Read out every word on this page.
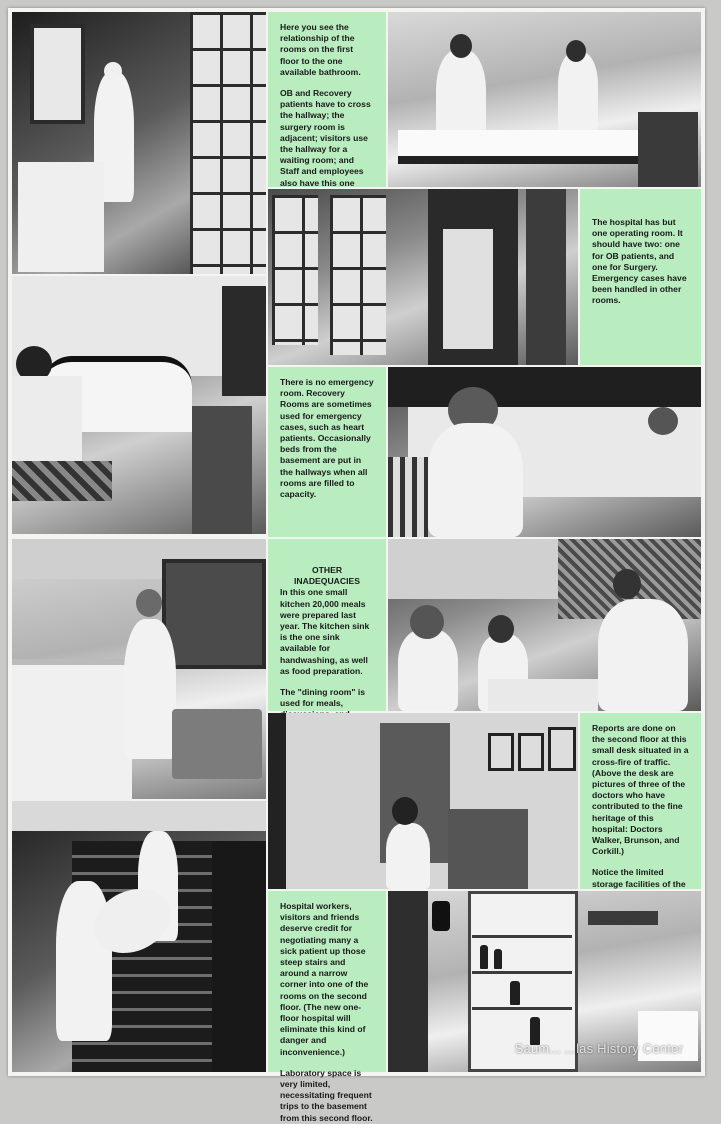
Here you see the relationship of the rooms on the first floor to the one available bathroom.

OB and Recovery patients have to cross the hallway; the surgery room is adjacent; visitors use the hallway for a waiting room; and Staff and employees also have this one

The hospital has but one operating room. It should have two: one for OB patients, and one for Surgery. Emergency cases have been handled in other rooms.

There is no emergency room. Recovery Rooms are sometimes used for emergency cases, such as heart patients. Occasionally beds from the basement are put in the hallways when all rooms are filled to capacity.

OTHER INADEQUACIES

In this one small kitchen 20,000 meals were prepared last year. The kitchen sink is the one sink available for handwashing, as well as food preparation.

The "dining room" is used for meals,

Reports are done on the second floor at this small desk situated in a cross-fire of traffic. (Above the desk are pictures of three of the doctors who have contributed to the fine heritage of this hospital: Doctors Walker, Brunson, and Corkill.)

Notice the limited storage facilities of the

Hospital workers, visitors and friends deserve credit for negotiating many a sick patient up those steep stairs and around a narrow corner into one of the rooms on the second floor. (The new one-floor hospital will eliminate this kind of danger and inconvenience.)

Laboratory space is very limited, necessitating frequent trips to the basement from this second floor.

Saum... ...las History Center
